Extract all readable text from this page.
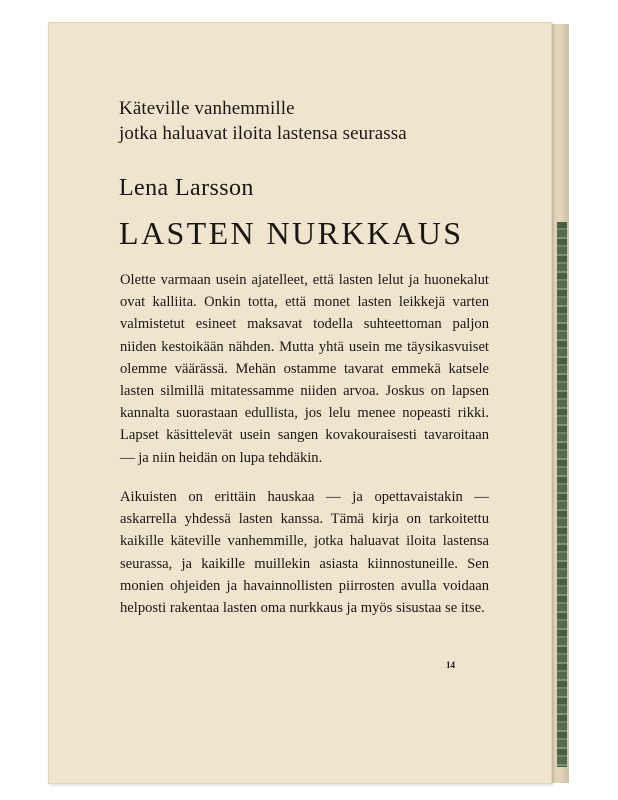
Käteville vanhemmille
jotka haluavat iloita lastensa seurassa
Lena Larsson
LASTEN NURKKAUS

Olette varmaan usein ajatelleet, että lasten lelut ja huonekalut ovat kalliita. Onkin totta, että monet lasten leikkejä varten valmistetut esineet maksavat todella suhteettoman paljon niiden kestoikään nähden. Mutta yhtä usein me täysikasvuiset olemme väärässä. Mehän ostamme tavarat emmekä katsele lasten silmillä mitatessamme niiden arvoa. Joskus on lapsen kannalta suorastaan edullista, jos lelu menee nopeasti rikki. Lapset käsittelevät usein sangen kovakouraisesti tavaroitaan — ja niin heidän on lupa tehdäkin.

Aikuisten on erittäin hauskaa — ja opettavaistakin — askarrella yhdessä lasten kanssa. Tämä kirja on tarkoitettu kaikille käteville vanhemmille, jotka haluavat iloita lastensa seurassa, ja kaikille muillekin asiasta kiinnostuneille. Sen monien ohjeiden ja havainnollisten piirrosten avulla voidaan helposti rakentaa lasten oma nurkkaus ja myös sisustaa se itse.

14
